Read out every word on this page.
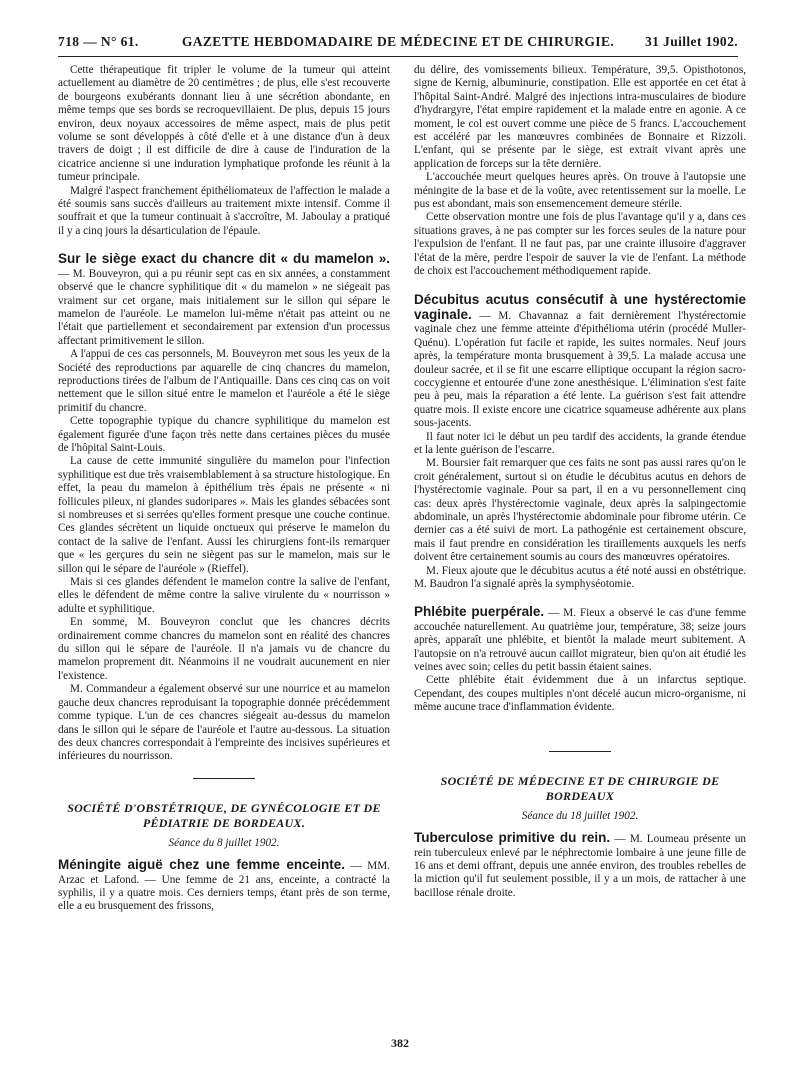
718 — N° 61.	GAZETTE HEBDOMADAIRE DE MÉDECINE ET DE CHIRURGIE.	31 Juillet 1902.

Cette thérapeutique fit tripler le volume de la tumeur qui atteint actuellement au diamètre de 20 centimètres ; de plus, elle s'est recouverte de bourgeons exubérants donnant lieu à une sécrétion abondante, en même temps que ses bords se recroquevillaient. De plus, depuis 15 jours environ, deux noyaux accessoires de même aspect, mais de plus petit volume se sont développés à côté d'elle et à une distance d'un à deux travers de doigt ; il est difficile de dire à cause de l'induration de la cicatrice ancienne si une induration lymphatique profonde les réunit à la tumeur principale.

Malgré l'aspect franchement épithéliomateux de l'affection le malade a été soumis sans succès d'ailleurs au traitement mixte intensif. Comme il souffrait et que la tumeur continuait à s'accroître, M. Jaboulay a pratiqué il y a cinq jours la désarticulation de l'épaule.

Sur le siège exact du chancre dit « du mamelon ». — M. Bouveyron, qui a pu réunir sept cas en six années, a constamment observé que le chancre syphilitique dit « du mamelon » ne siégeait pas vraiment sur cet organe, mais initialement sur le sillon qui sépare le mamelon de l'auréole. Le mamelon lui-même n'était pas atteint ou ne l'était que partiellement et secondairement par extension d'un processus affectant primitivement le sillon.

A l'appui de ces cas personnels, M. Bouveyron met sous les yeux de la Société des reproductions par aquarelle de cinq chancres du mamelon, reproductions tirées de l'album de l'Antiquaille. Dans ces cinq cas on voit nettement que le sillon situé entre le mamelon et l'auréole a été le siège primitif du chancre.

Cette topographie typique du chancre syphilitique du mamelon est également figurée d'une façon très nette dans certaines pièces du musée de l'hôpital Saint-Louis.

La cause de cette immunité singulière du mamelon pour l'infection syphilitique est due très vraisemblablement à sa structure histologique. En effet, la peau du mamelon à épithélium très épais ne présente « ni follicules pileux, ni glandes sudoripares ». Mais les glandes sébacées sont si nombreuses et si serrées qu'elles forment presque une couche continue. Ces glandes sécrètent un liquide onctueux qui préserve le mamelon du contact de la salive de l'enfant. Aussi les chirurgiens font-ils remarquer que « les gerçures du sein ne siègent pas sur le mamelon, mais sur le sillon qui le sépare de l'auréole » (Rieffel).

Mais si ces glandes défendent le mamelon contre la salive de l'enfant, elles le défendent de même contre la salive virulente du « nourrisson » adulte et syphilitique.

En somme, M. Bouveyron conclut que les chancres décrits ordinairement comme chancres du mamelon sont en réalité des chancres du sillon qui le sépare de l'auréole. Il n'a jamais vu de chancre du mamelon proprement dit. Néanmoins il ne voudrait aucunement en nier l'existence.

M. Commandeur a également observé sur une nourrice et au mamelon gauche deux chancres reproduisant la topographie donnée précédemment comme typique. L'un de ces chancres siégeait au-dessus du mamelon dans le sillon qui le sépare de l'auréole et l'autre au-dessous. La situation des deux chancres correspondait à l'empreinte des incisives supérieures et inférieures du nourrisson.

SOCIÉTÉ D'OBSTÉTRIQUE, DE GYNÉCOLOGIE ET DE PÉDIATRIE DE BORDEAUX.
Séance du 8 juillet 1902.

Méningite aiguë chez une femme enceinte. — MM. Arzac et Lafond. — Une femme de 21 ans, enceinte, a contracté la syphilis, il y a quatre mois. Ces derniers temps, étant près de son terme, elle a eu brusquement des frissons,

du délire, des vomissements bilieux. Température, 39,5. Opisthotonos, signe de Kernig, albuminurie, constipation. Elle est apportée en cet état à l'hôpital Saint-André. Malgré des injections intra-musculaires de biodure d'hydrargyre, l'état empire rapidement et la malade entre en agonie. A ce moment, le col est ouvert comme une pièce de 5 francs. L'accouchement est accéléré par les manœuvres combinées de Bonnaire et Rizzoli. L'enfant, qui se présente par le siège, est extrait vivant après une application de forceps sur la tête dernière.

L'accouchée meurt quelques heures après. On trouve à l'autopsie une méningite de la base et de la voûte, avec retentissement sur la moelle. Le pus est abondant, mais son ensemencement demeure stérile.

Cette observation montre une fois de plus l'avantage qu'il y a, dans ces situations graves, à ne pas compter sur les forces seules de la nature pour l'expulsion de l'enfant. Il ne faut pas, par une crainte illusoire d'aggraver l'état de la mère, perdre l'espoir de sauver la vie de l'enfant. La méthode de choix est l'accouchement méthodiquement rapide.

Décubitus acutus consécutif à une hystérectomie vaginale. — M. Chavannaz a fait dernièrement l'hystérectomie vaginale chez une femme atteinte d'épithélioma utérin (procédé Muller-Quénu). L'opération fut facile et rapide, les suites normales. Neuf jours après, la température monta brusquement à 39,5. La malade accusa une douleur sacrée, et il se fit une escarre elliptique occupant la région sacro-coccygienne et entourée d'une zone anesthésique. L'élimination s'est faite peu à peu, mais la réparation a été lente. La guérison s'est fait attendre quatre mois. Il existe encore une cicatrice squameuse adhérente aux plans sous-jacents.

Il faut noter ici le début un peu tardif des accidents, la grande étendue et la lente guérison de l'escarre.

M. Boursier fait remarquer que ces faits ne sont pas aussi rares qu'on le croit généralement, surtout si on étudie le décubitus acutus en dehors de l'hystérectomie vaginale. Pour sa part, il en a vu personnellement cinq cas: deux après l'hystérectomie vaginale, deux après la salpingectomie abdominale, un après l'hystérectomie abdominale pour fibrome utérin. Ce dernier cas a été suivi de mort. La pathogénie est certainement obscure, mais il faut prendre en considération les tiraillements auxquels les nerfs doivent être certainement soumis au cours des manœuvres opératoires.

M. Fieux ajoute que le décubitus acutus a été noté aussi en obstétrique. M. Baudron l'a signalé après la symphyséotomie.

Phlébite puerpérale. — M. Fieux a observé le cas d'une femme accouchée naturellement. Au quatrième jour, température, 38; seize jours après, apparaît une phlébite, et bientôt la malade meurt subitement. A l'autopsie on n'a retrouvé aucun caillot migrateur, bien qu'on ait étudié les veines avec soin; celles du petit bassin étaient saines.

Cette phlébite était évidemment due à un infarctus septique. Cependant, des coupes multiples n'ont décelé aucun micro-organisme, ni même aucune trace d'inflammation évidente.

SOCIÉTÉ DE MÉDECINE ET DE CHIRURGIE DE BORDEAUX
Séance du 18 juillet 1902.

Tuberculose primitive du rein. — M. Loumeau présente un rein tuberculeux enlevé par le néphrectomie lombaire à une jeune fille de 16 ans et demi offrant, depuis une année environ, des troubles rebelles de la miction qu'il fut seulement possible, il y a un mois, de rattacher à une bacillose rénale droite.

382
